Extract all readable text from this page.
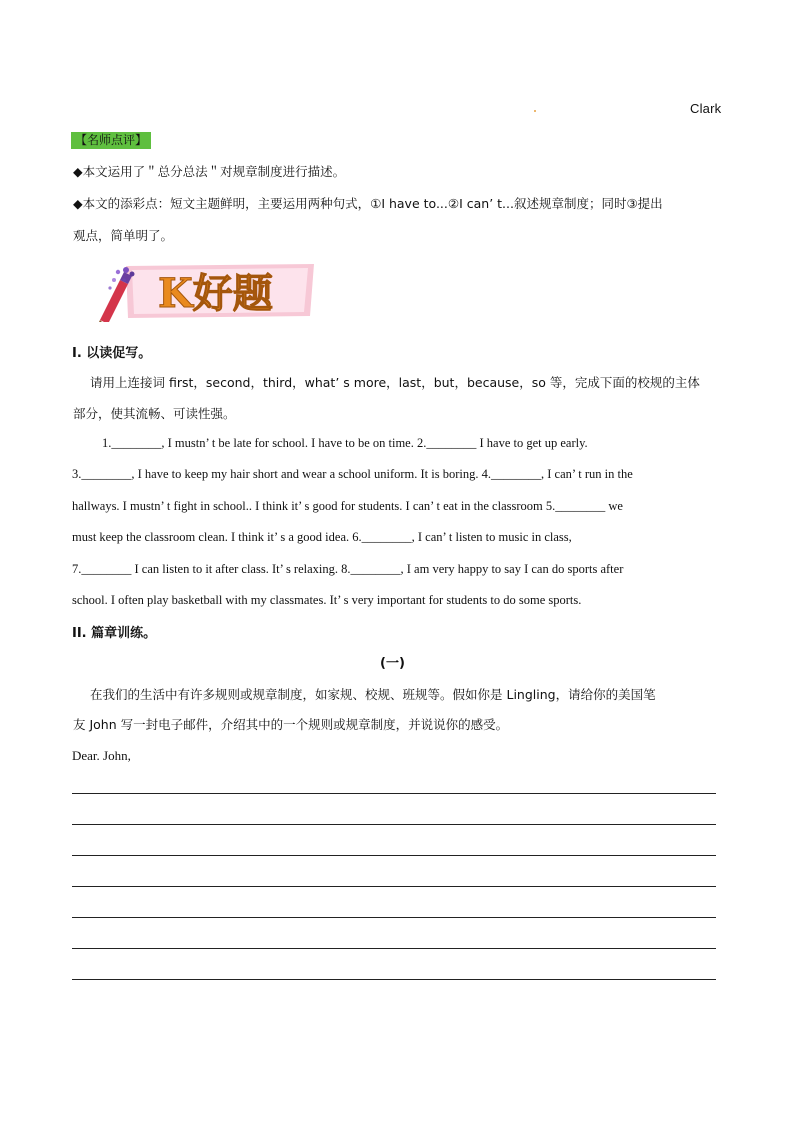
Clark
【名师点评】
◆本文运用了＂总分总法＂对规章制度进行描述。
◆本文的添彩点：短文主题鲜明，主要运用两种句式，①I have to...②I can’ t...叙述规章制度；同时③提出
观点，简单明了。
K好题
I. 以读促写。
请用上连接词 first，second，third，what’ s more，last，but，because，so 等，完成下面的校规的主体
部分，使其流畅、可读性强。
1.________, I mustn’ t be late for school. I have to be on time. 2.________ I have to get up early.
3.________, I have to keep my hair short and wear a school uniform. It is boring. 4.________, I can’ t run in the
hallways. I mustn’ t fight in school.. I think it’ s good for students. I can’ t eat in the classroom 5.________ we
must keep the classroom clean. I think it’ s a good idea. 6.________, I can’ t listen to music in class,
7.________ I can listen to it after class. It’ s relaxing. 8.________, I am very happy to say I can do sports after
school. I often play basketball with my classmates. It’ s very important for students to do some sports.
II. 篇章训练。
(一)
在我们的生活中有许多规则或规章制度，如家规、校规、班规等。假如你是 Lingling，请给你的美国笔
友 John 写一封电子邮件，介绍其中的一个规则或规章制度，并说说你的感受。
Dear. John,
